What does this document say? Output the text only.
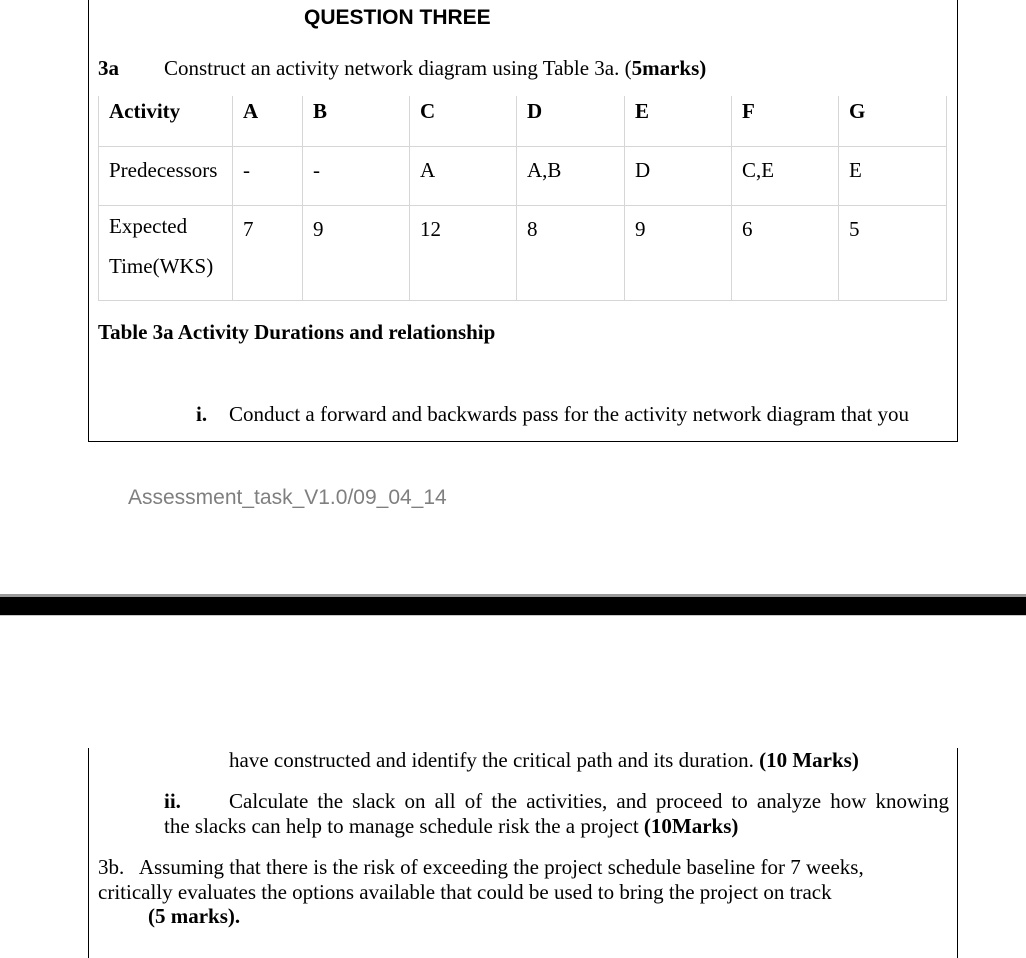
QUESTION THREE
3a Construct an activity network diagram using Table 3a. (5marks)
Activity	A	B	C	D	E	F	G
Predecessors	-	-	A	A,B	D	C,E	E
Expected
Time(WKS)	7	9	12	8	9	6	5
Table 3a Activity Durations and relationship
i. Conduct a forward and backwards pass for the activity network diagram that you
Assessment_task_V1.0/09_04_14
have constructed and identify the critical path and its duration. (10 Marks)
ii. Calculate the slack on all of the activities, and proceed to analyze how knowing
the slacks can help to manage schedule risk the a project (10Marks)
3b.   Assuming that there is the risk of exceeding the project schedule baseline for 7 weeks,
critically evaluates the options available that could be used to bring the project on track
(5 marks).
